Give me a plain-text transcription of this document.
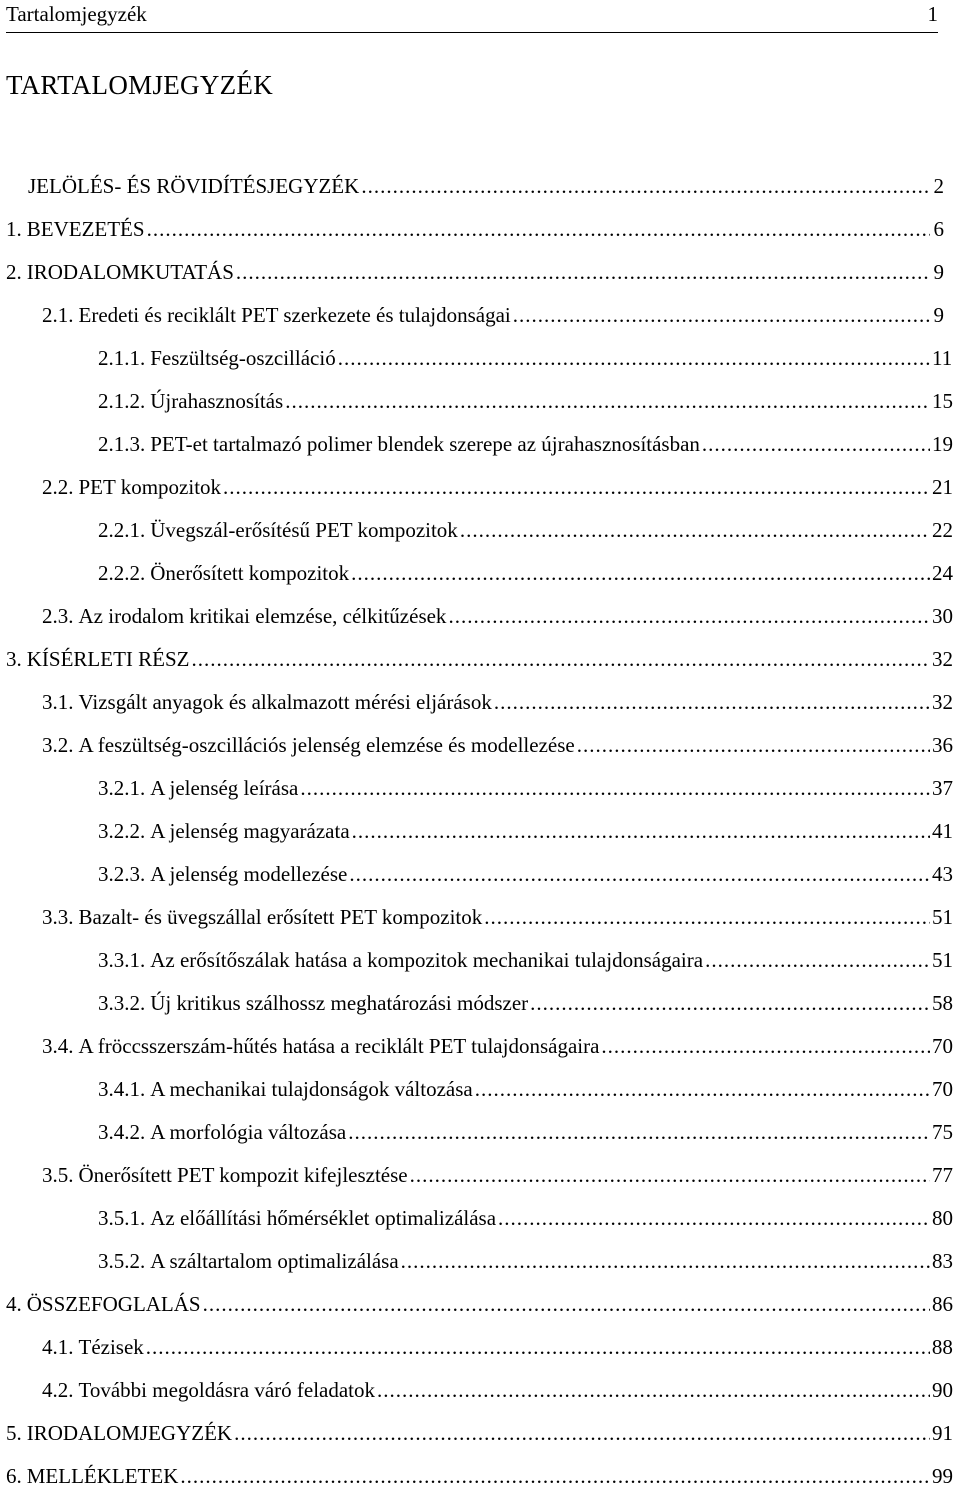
Tartalomjegyzék	1
TARTALOMJEGYZÉK
JELÖLÉS- ÉS RÖVIDÍTÉSJEGYZÉK .....	2
1. BEVEZETÉS .....	6
2. IRODALOMKUTATÁS .....	9
2.1. Eredeti és reciklált PET szerkezete és tulajdonságai .....	9
2.1.1. Feszültség-oszcilláció .....	11
2.1.2. Újrahasznosítás .....	15
2.1.3. PET-et tartalmazó polimer blendek szerepe az újrahasznosításban .....	19
2.2. PET kompozitok .....	21
2.2.1. Üvegszál-erősítésű PET kompozitok .....	22
2.2.2. Önerősített kompozitok .....	24
2.3. Az irodalom kritikai elemzése, célkitűzések .....	30
3. KÍSÉRLETI RÉSZ .....	32
3.1. Vizsgált anyagok és alkalmazott mérési eljárások .....	32
3.2. A feszültség-oszcillációs jelenség elemzése és modellezése .....	36
3.2.1. A jelenség leírása .....	37
3.2.2. A jelenség magyarázata .....	41
3.2.3. A jelenség modellezése .....	43
3.3. Bazalt- és üvegszállal erősített PET kompozitok .....	51
3.3.1. Az erősítőszálak hatása a kompozitok mechanikai tulajdonságaira .....	51
3.3.2. Új kritikus szálhossz meghatározási módszer .....	58
3.4. A fröccsszerszám-hűtés hatása a reciklált PET tulajdonságaira .....	70
3.4.1. A mechanikai tulajdonságok változása .....	70
3.4.2. A morfológia változása .....	75
3.5. Önerősített PET kompozit kifejlesztése .....	77
3.5.1. Az előállítási hőmérséklet optimalizálása .....	80
3.5.2. A száltartalom optimalizálása .....	83
4. ÖSSZEFOGLALÁS .....	86
4.1. Tézisek .....	88
4.2. További megoldásra váró feladatok .....	90
5. IRODALOMJEGYZÉK .....	91
6. MELLÉKLETEK .....	99
